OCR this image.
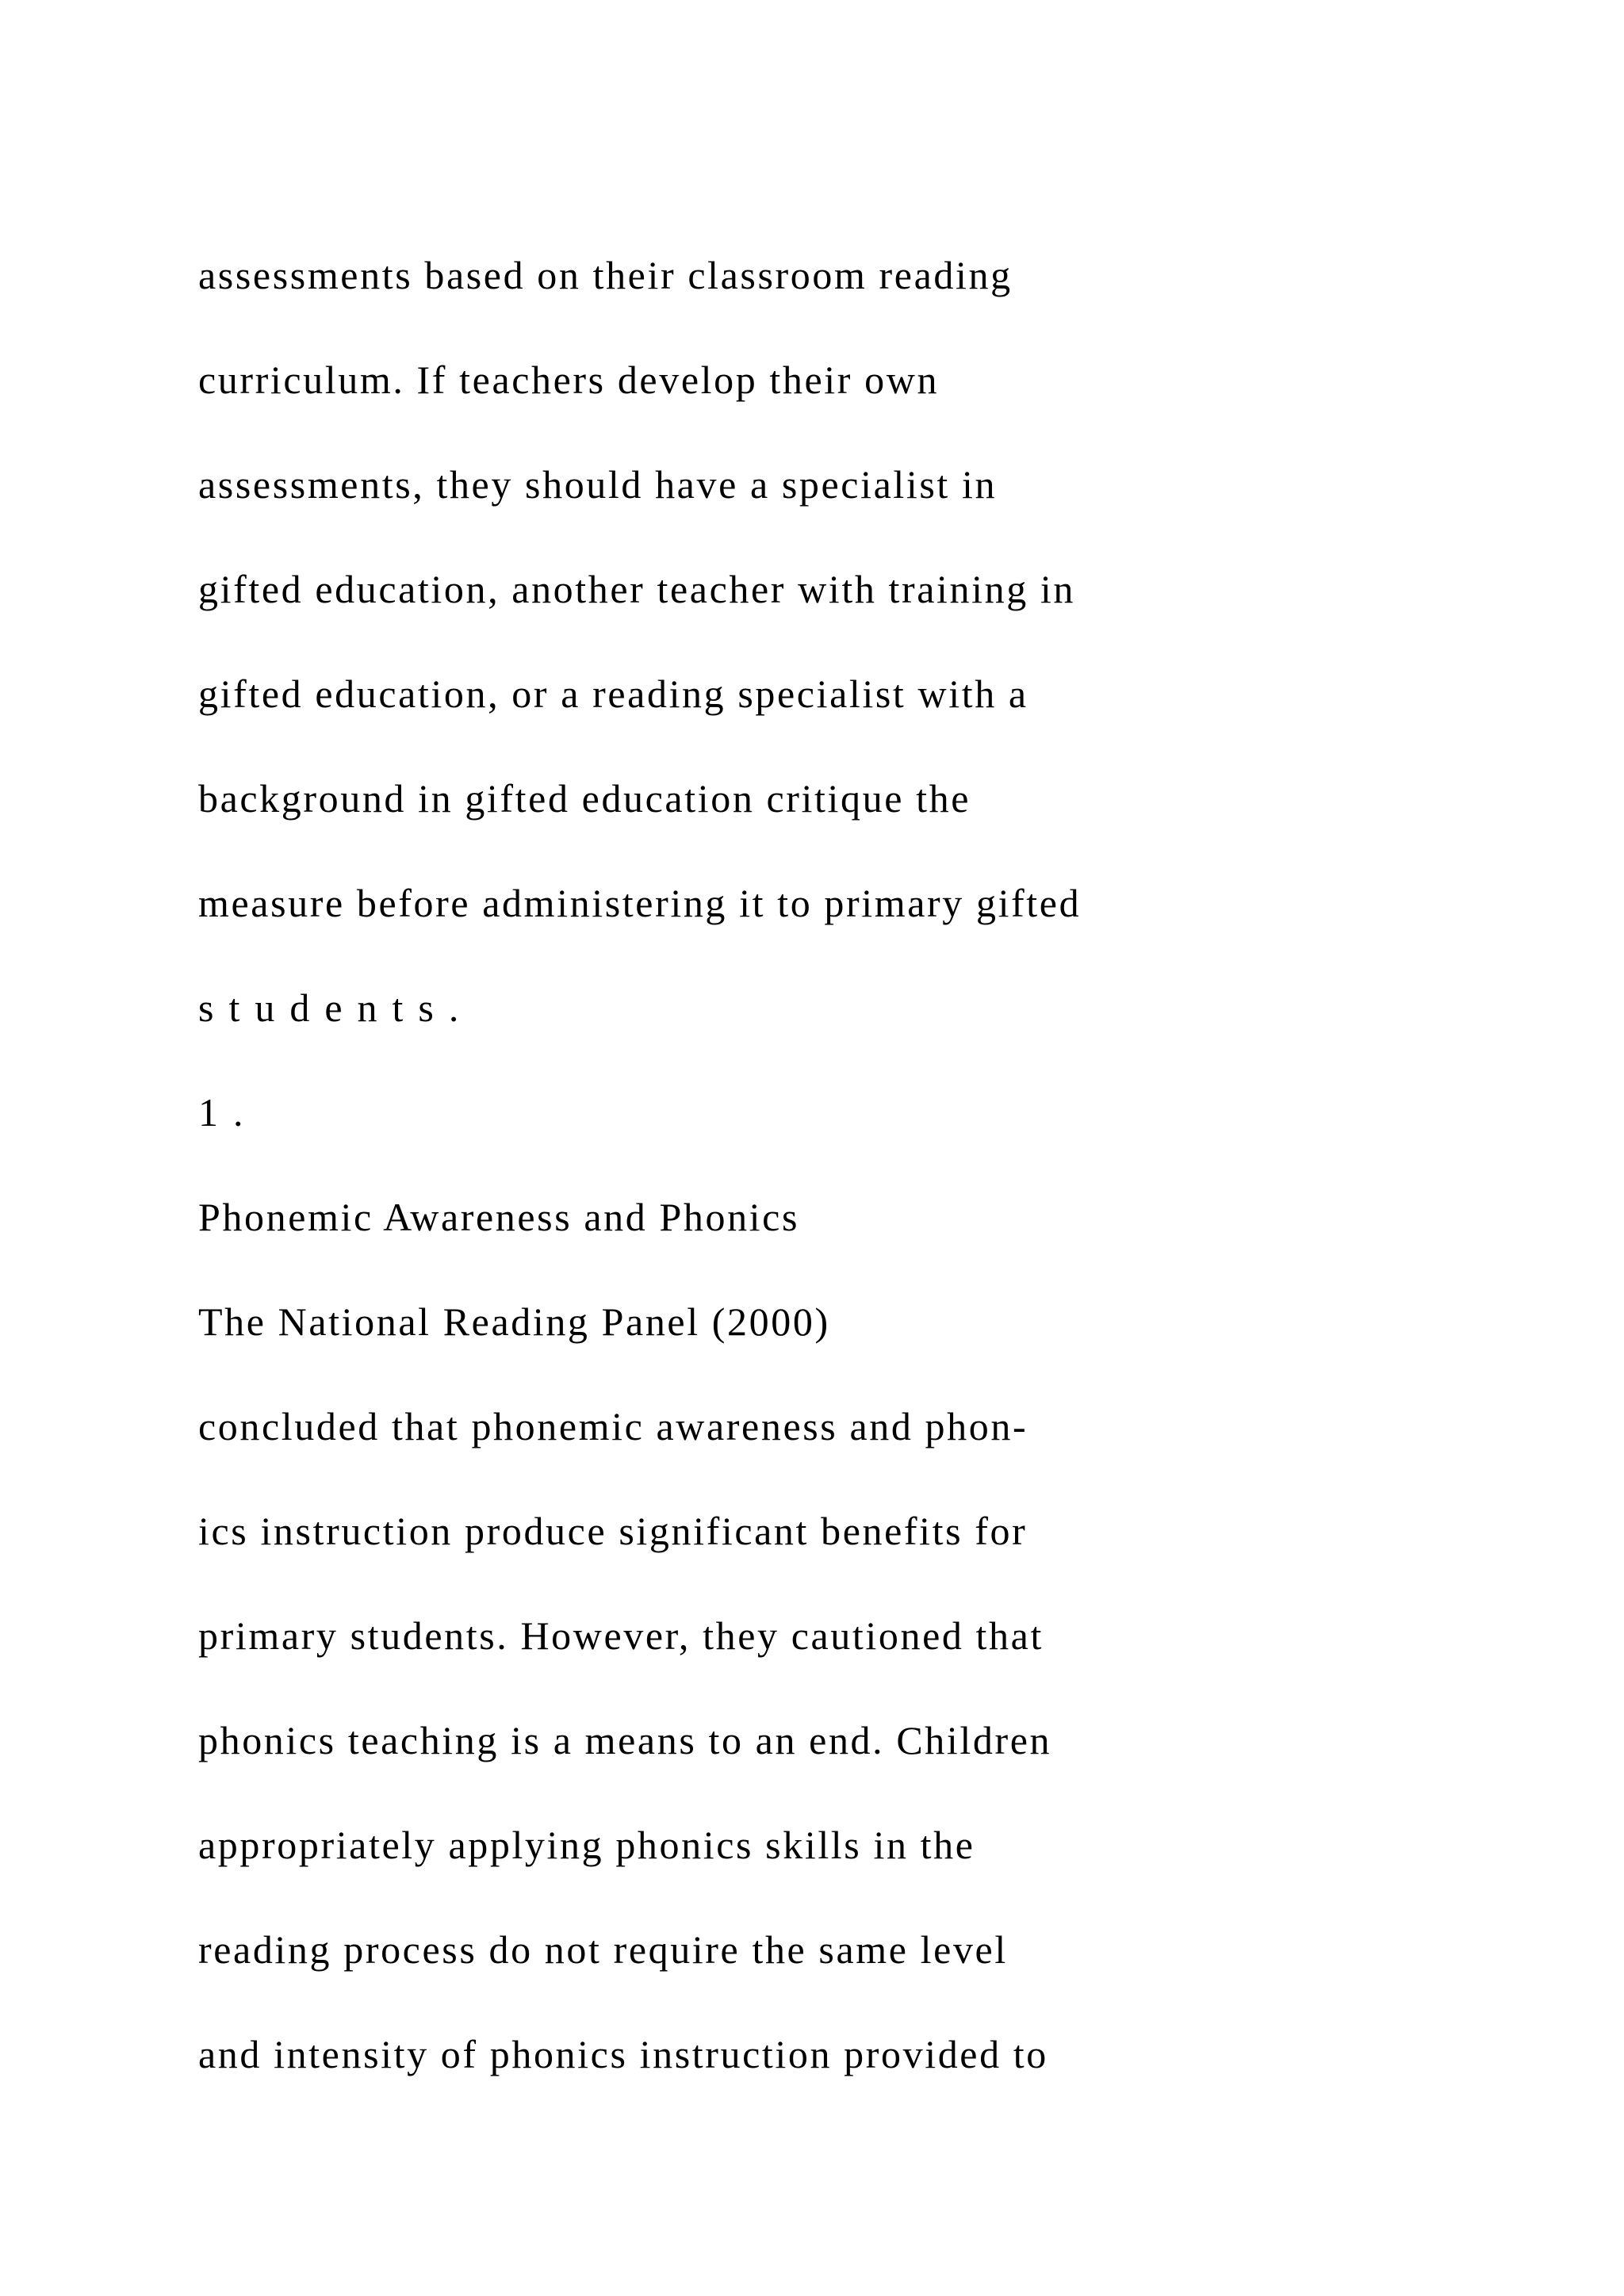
assessments based on their classroom reading

curriculum. If teachers develop their own

assessments, they should have a specialist in

gifted education, another teacher with training in

gifted education, or a reading specialist with a

background in gifted education critique the

measure before administering it to primary gifted

students.

1.

Phonemic Awareness and Phonics

The National Reading Panel (2000)

concluded that phonemic awareness and phon-

ics instruction produce significant benefits for

primary students. However, they cautioned that

phonics teaching is a means to an end. Children

appropriately applying phonics skills in the

reading process do not require the same level

and intensity of phonics instruction provided to
